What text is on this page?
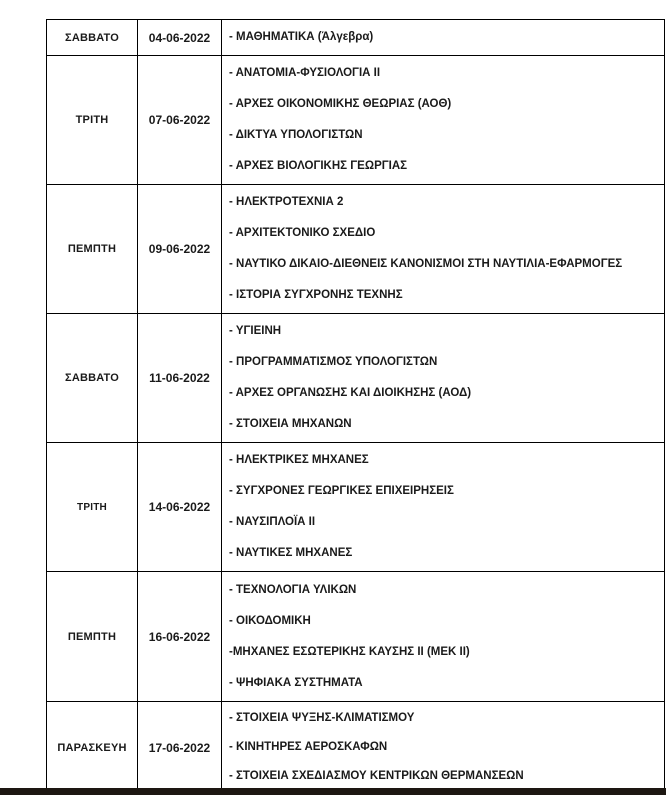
ΣΑΒΒΑΤΟ	04-06-2022	- ΜΑΘΗΜΑΤΙΚΑ (Άλγεβρα)

ΤΡΙΤΗ	07-06-2022	- ΑΝΑΤΟΜΙΑ-ΦΥΣΙΟΛΟΓΙΑ II
- ΑΡΧΕΣ ΟΙΚΟΝΟΜΙΚΗΣ ΘΕΩΡΙΑΣ (ΑΟΘ)
- ΔΙΚΤΥΑ ΥΠΟΛΟΓΙΣΤΩΝ
- ΑΡΧΕΣ ΒΙΟΛΟΓΙΚΗΣ ΓΕΩΡΓΙΑΣ

ΠΕΜΠΤΗ	09-06-2022	- ΗΛΕΚΤΡΟΤΕΧΝΙΑ 2
- ΑΡΧΙΤΕΚΤΟΝΙΚΟ ΣΧΕΔΙΟ
- ΝΑΥΤΙΚΟ ΔΙΚΑΙΟ-ΔΙΕΘΝΕΙΣ ΚΑΝΟΝΙΣΜΟΙ ΣΤΗ ΝΑΥΤΙΛΙΑ-ΕΦΑΡΜΟΓΕΣ
- ΙΣΤΟΡΙΑ ΣΥΓΧΡΟΝΗΣ ΤΕΧΝΗΣ

ΣΑΒΒΑΤΟ	11-06-2022	- ΥΓΙΕΙΝΗ
- ΠΡΟΓΡΑΜΜΑΤΙΣΜΟΣ ΥΠΟΛΟΓΙΣΤΩΝ
- ΑΡΧΕΣ ΟΡΓΑΝΩΣΗΣ ΚΑΙ ΔΙΟΙΚΗΣΗΣ (ΑΟΔ)
- ΣΤΟΙΧΕΙΑ ΜΗΧΑΝΩΝ

ΤΡΙΤΗ	14-06-2022	- ΗΛΕΚΤΡΙΚΕΣ ΜΗΧΑΝΕΣ
- ΣΥΓΧΡΟΝΕΣ ΓΕΩΡΓΙΚΕΣ ΕΠΙΧΕΙΡΗΣΕΙΣ
- ΝΑΥΣΙΠΛΟΪΑ II
- ΝΑΥΤΙΚΕΣ ΜΗΧΑΝΕΣ

ΠΕΜΠΤΗ	16-06-2022	- ΤΕΧΝΟΛΟΓΙΑ ΥΛΙΚΩΝ
- ΟΙΚΟΔΟΜΙΚΗ
-ΜΗΧΑΝΕΣ ΕΣΩΤΕΡΙΚΗΣ ΚΑΥΣΗΣ II (ΜΕΚ II)
- ΨΗΦΙΑΚΑ ΣΥΣΤΗΜΑΤΑ

ΠΑΡΑΣΚΕΥΗ	17-06-2022	- ΣΤΟΙΧΕΙΑ ΨΥΞΗΣ-ΚΛΙΜΑΤΙΣΜΟΥ
- ΚΙΝΗΤΗΡΕΣ ΑΕΡΟΣΚΑΦΩΝ
- ΣΤΟΙΧΕΙΑ ΣΧΕΔΙΑΣΜΟΥ ΚΕΝΤΡΙΚΩΝ ΘΕΡΜΑΝΣΕΩΝ
